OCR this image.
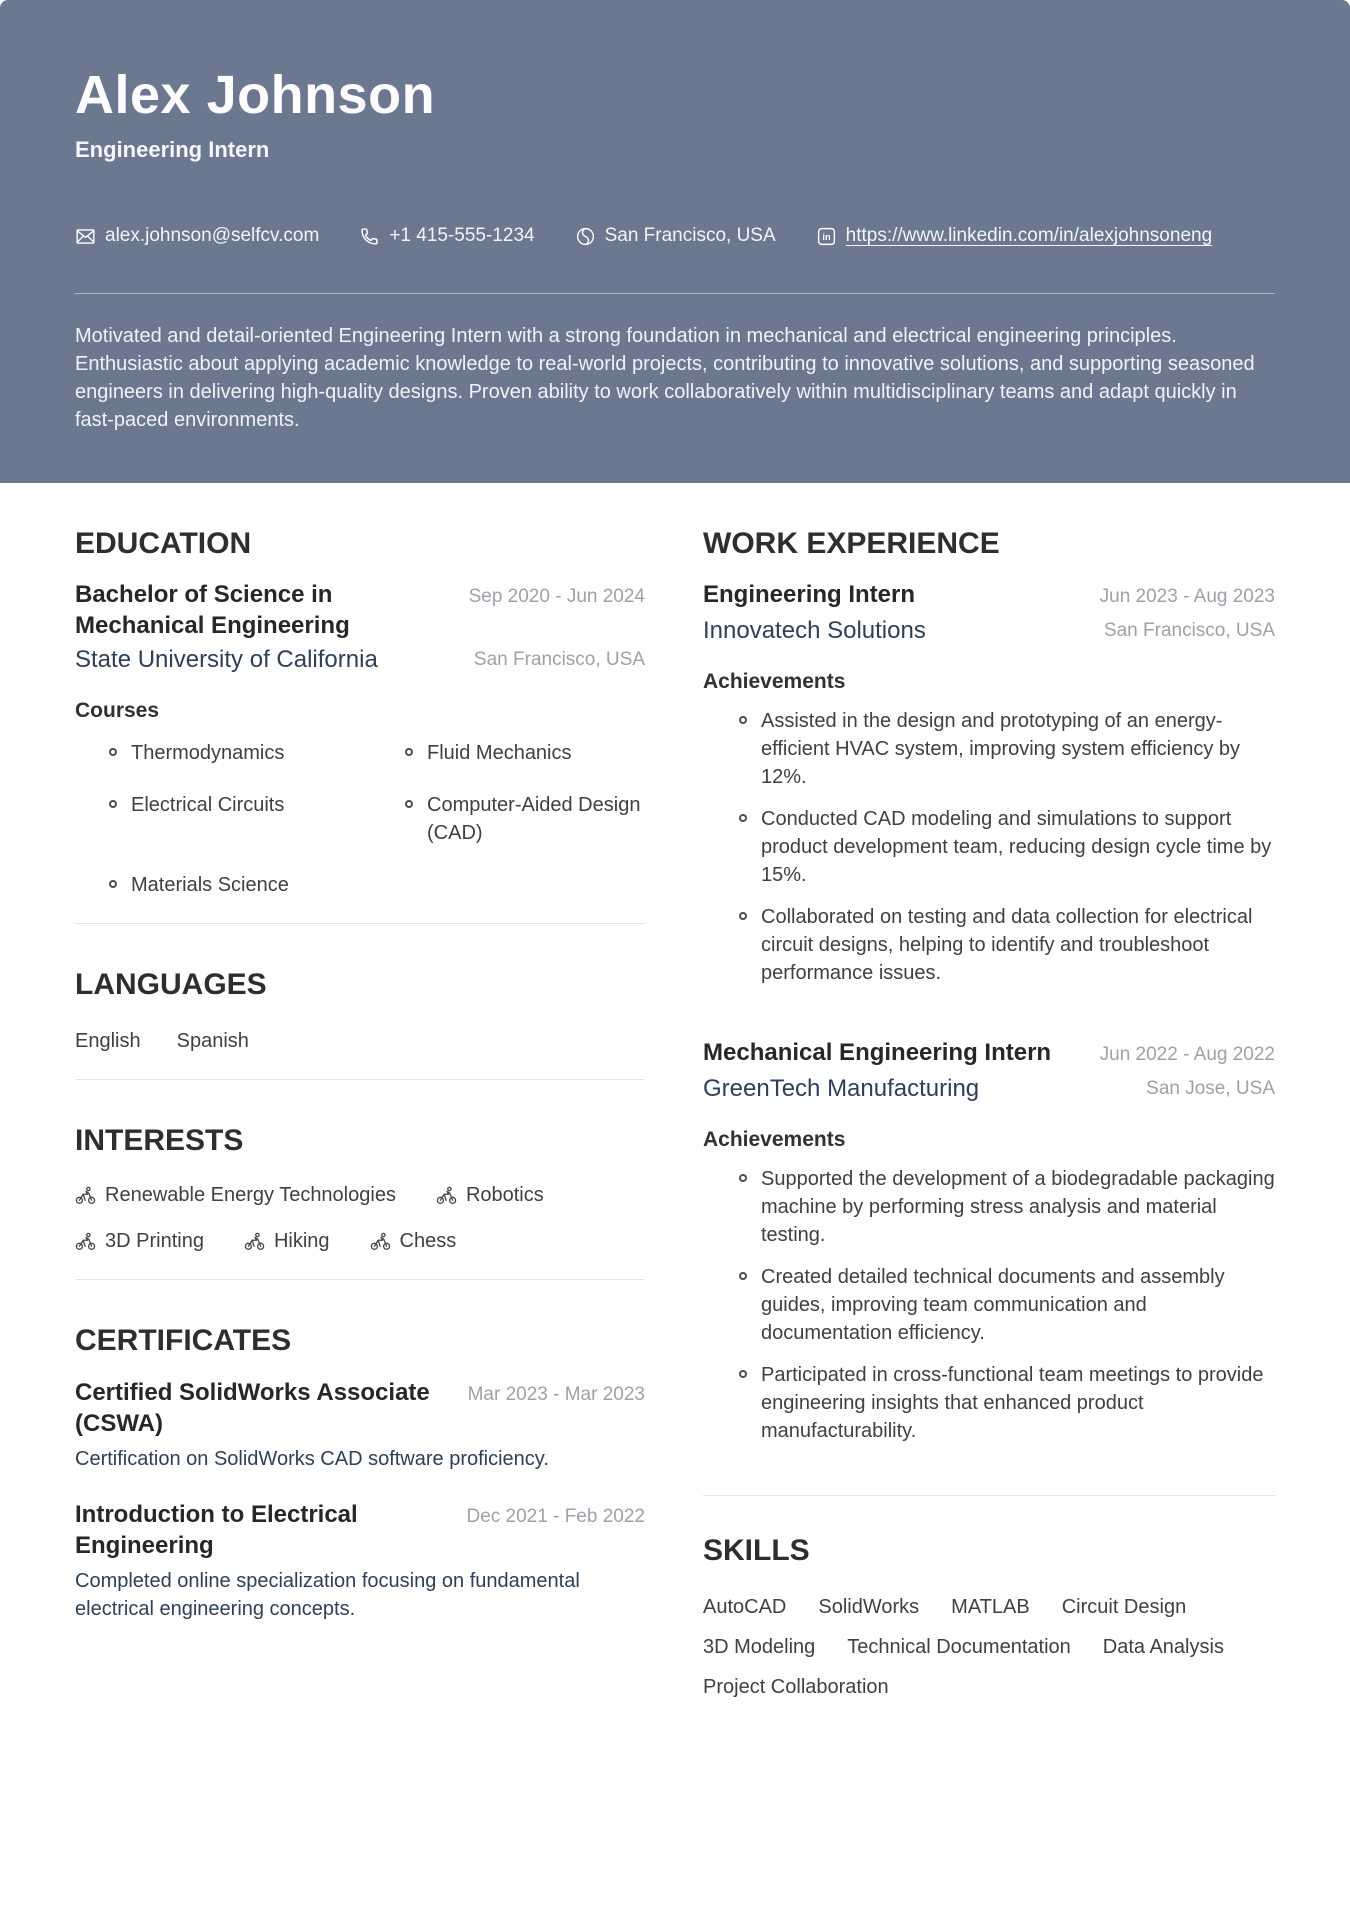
Alex Johnson
Engineering Intern
alex.johnson@selfcv.com	+1 415-555-1234	San Francisco, USA	in https://www.linkedin.com/in/alexjohnsoneng
Motivated and detail-oriented Engineering Intern with a strong foundation in mechanical and electrical engineering principles. Enthusiastic about applying academic knowledge to real-world projects, contributing to innovative solutions, and supporting seasoned engineers in delivering high-quality designs. Proven ability to work collaboratively within multidisciplinary teams and adapt quickly in fast-paced environments.
EDUCATION
Bachelor of Science in Mechanical Engineering
Sep 2020 - Jun 2024
State University of California	San Francisco, USA
Courses
Thermodynamics
Electrical Circuits
Materials Science
Fluid Mechanics
Computer-Aided Design (CAD)
LANGUAGES
English Spanish
INTERESTS
Renewable Energy Technologies	Robotics
3D Printing	Hiking	Chess
CERTIFICATES
Certified SolidWorks Associate (CSWA)
Mar 2023 - Mar 2023
Certification on SolidWorks CAD software proficiency.
Introduction to Electrical Engineering
Dec 2021 - Feb 2022
Completed online specialization focusing on fundamental electrical engineering concepts.
WORK EXPERIENCE
Engineering Intern	Jun 2023 - Aug 2023
Innovatech Solutions	San Francisco, USA
Achievements
Assisted in the design and prototyping of an energy-efficient HVAC system, improving system efficiency by 12%.
Conducted CAD modeling and simulations to support product development team, reducing design cycle time by 15%.
Collaborated on testing and data collection for electrical circuit designs, helping to identify and troubleshoot performance issues.
Mechanical Engineering Intern	Jun 2022 - Aug 2022
GreenTech Manufacturing	San Jose, USA
Achievements
Supported the development of a biodegradable packaging machine by performing stress analysis and material testing.
Created detailed technical documents and assembly guides, improving team communication and documentation efficiency.
Participated in cross-functional team meetings to provide engineering insights that enhanced product manufacturability.
SKILLS
AutoCAD SolidWorks MATLAB Circuit Design
3D Modeling Technical Documentation Data Analysis
Project Collaboration
